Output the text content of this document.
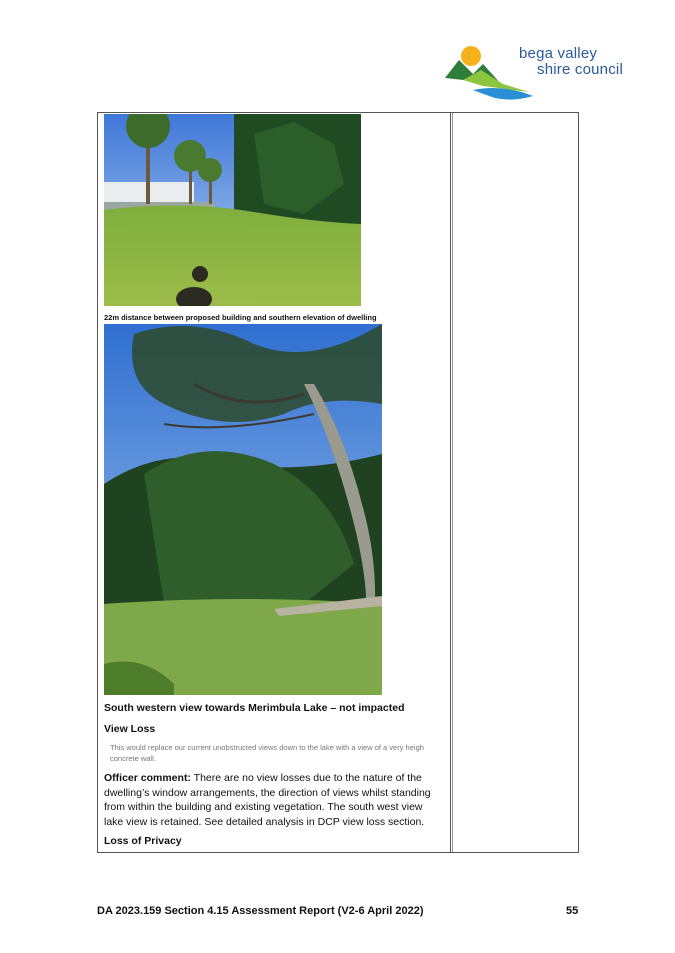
bega valley
shire council
22m distance between proposed building and southern elevation of dwelling
South western view towards Merimbula Lake – not impacted
View Loss
This would replace our current unobstructed views down to the lake with a view of a very heigh concrete wall.
Officer comment: There are no view losses due to the nature of the dwelling’s window arrangements, the direction of views whilst standing from within the building and existing vegetation. The south west view lake view is retained. See detailed analysis in DCP view loss section.
Loss of Privacy
DA 2023.159 Section 4.15 Assessment Report (V2-6 April 2022)	55
